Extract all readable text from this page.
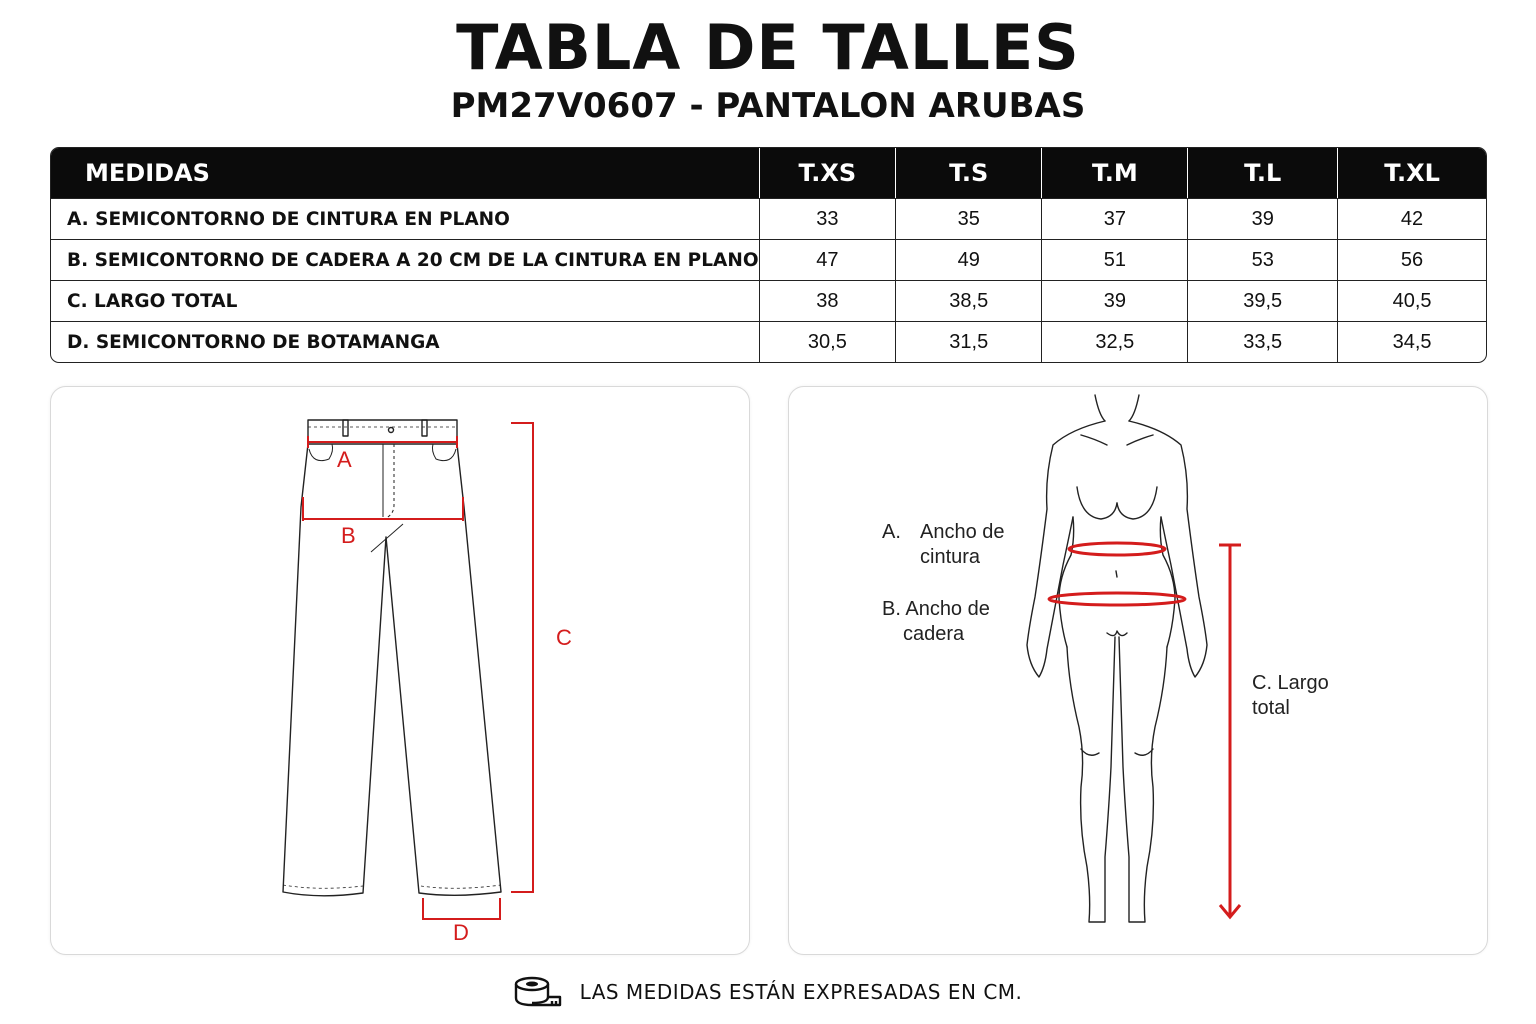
TABLA DE TALLES
PM27V0607 - PANTALON ARUBAS
MEDIDAS	T.XS	T.S	T.M	T.L	T.XL
A. SEMICONTORNO DE CINTURA EN PLANO	33	35	37	39	42
B. SEMICONTORNO DE CADERA A 20 CM DE LA CINTURA EN PLANO	47	49	51	53	56
C. LARGO TOTAL	38	38,5	39	39,5	40,5
D. SEMICONTORNO DE BOTAMANGA	30,5	31,5	32,5	33,5	34,5
A
B
C
D
A. Ancho de
cintura
B. Ancho de
cadera
C. Largo
total
LAS MEDIDAS ESTÁN EXPRESADAS EN CM.
